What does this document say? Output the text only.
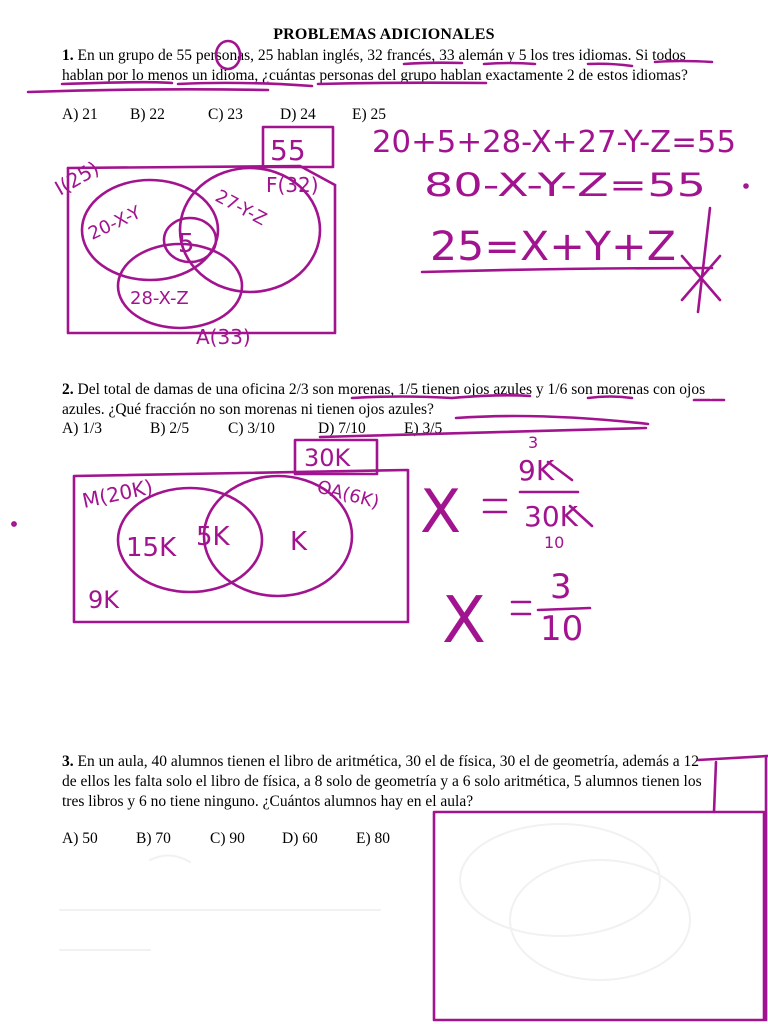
PROBLEMAS ADICIONALES
1. En un grupo de 55 personas, 25 hablan inglés, 32 francés, 33 alemán y 5 los tres idiomas. Si todos hablan por lo menos un idioma, ¿cuántas personas del grupo hablan exactamente 2 de estos idiomas?
A) 21 B) 22	C) 23 D) 24 E) 25
2. Del total de damas de una oficina 2/3 son morenas, 1/5 tienen ojos azules y 1/6 son morenas con ojos azules. ¿Qué fracción no son morenas ni tienen ojos azules?
A) 1/3	B) 2/5	C) 3/10	D) 7/10 E) 3/5
3. En un aula, 40 alumnos tienen el libro de aritmética, 30 el de física, 30 el de geometría, además a 12 de ellos les falta solo el libro de física, a 8 solo de geometría y a 6 solo aritmética, 5 alumnos tienen los tres libros y 6 no tiene ninguno. ¿Cuántos alumnos hay en el aula?
A) 50 B) 70	C) 90 D) 60 E) 80
55
I(25)	F(32)
A(33)
20-X-Y	27-Y-Z
28-X-Z
5
20+5+28-X+27-Y-Z=55
80-X-Y-Z=55
25=X+Y+Z
30K
M(20K)	OA(6K)
15K 5K K
9K
X
3
9K
30K
10
X 3
10
